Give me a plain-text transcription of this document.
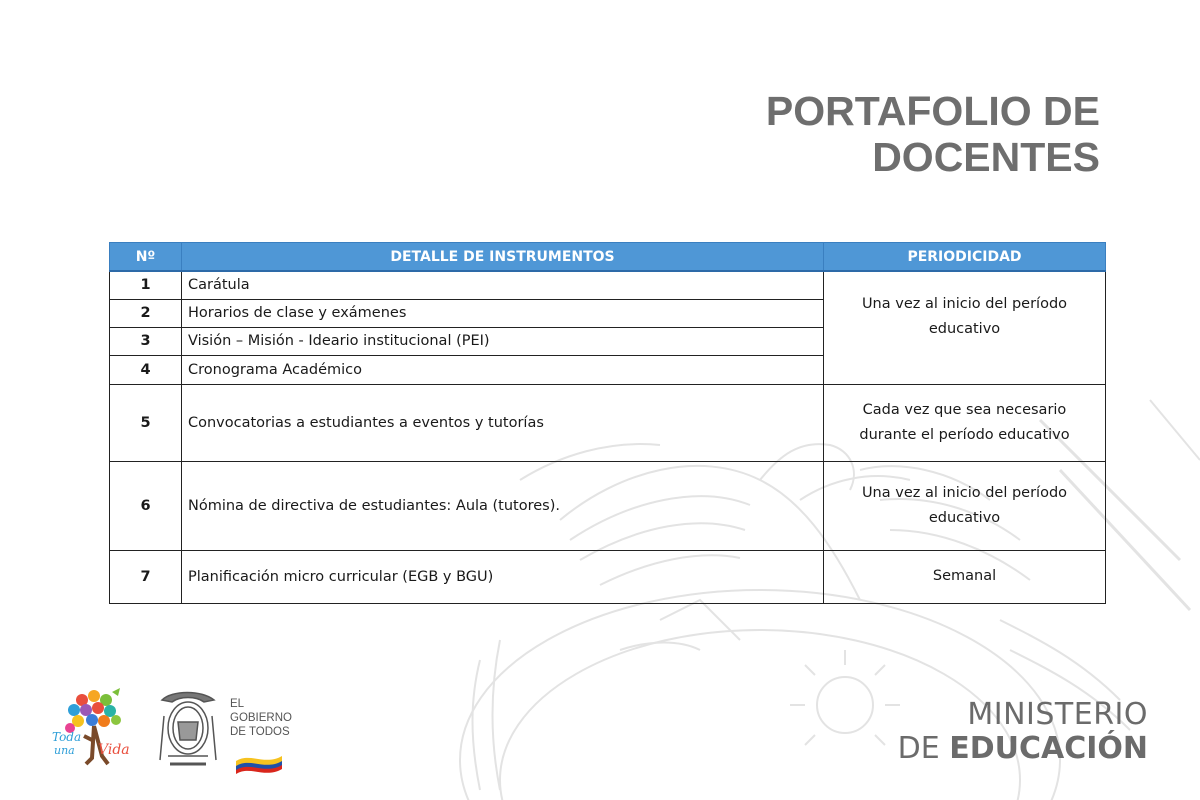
PORTAFOLIO DE
DOCENTES
Nº	DETALLE DE INSTRUMENTOS	PERIODICIDAD
1	Carátula	Una vez al inicio del período
educativo
2	Horarios de clase y exámenes	
3	Visión – Misión - Ideario institucional (PEI)	
4	Cronograma Académico	
5	Convocatorias a estudiantes a eventos y tutorías	Cada vez que sea necesario
durante el período educativo
6	Nómina de directiva de estudiantes: Aula (tutores).	Una vez al inicio del período
educativo
7	Planificación micro curricular (EGB y BGU)	Semanal
Toda
una Vida
EL
GOBIERNO
DE TODOS	MINISTERIO
DE EDUCACIÓN
